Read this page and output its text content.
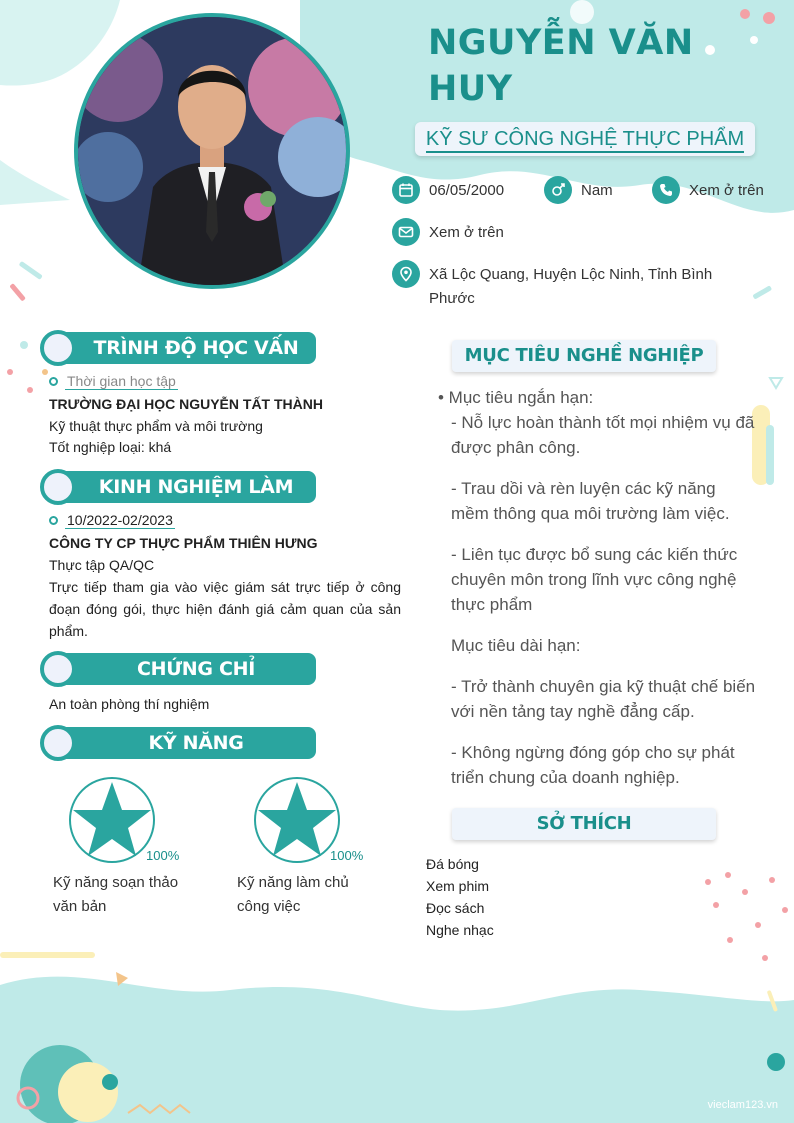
NGUYỄN VĂN HUY
KỸ SƯ CÔNG NGHỆ THỰC PHẨM
06/05/2000	Nam	Xem ở trên
Xem ở trên
Xã Lộc Quang, Huyện Lộc Ninh, Tỉnh Bình Phước
TRÌNH ĐỘ HỌC VẤN
Thời gian học tập
TRƯỜNG ĐẠI HỌC NGUYỄN TẤT THÀNH
Kỹ thuật thực phẩm và môi trường
Tốt nghiệp loại: khá
KINH NGHIỆM LÀM VIỆC
10/2022-02/2023
CÔNG TY CP THỰC PHẨM THIÊN HƯNG
Thực tập QA/QC
Trực tiếp tham gia vào việc giám sát trực tiếp ở công đoạn đóng gói, thực hiện đánh giá cảm quan của sản phẩm.
CHỨNG CHỈ
An toàn phòng thí nghiệm
KỸ NĂNG
100%
Kỹ năng soạn thảo văn bản
100%
Kỹ năng làm chủ công việc
MỤC TIÊU NGHỀ NGHIỆP

• Mục tiêu ngắn hạn:

- Nỗ lực hoàn thành tốt mọi nhiệm vụ đã được phân công.

- Trau dồi và rèn luyện các kỹ năng mềm thông qua môi trường làm việc.

- Liên tục được bổ sung các kiến thức chuyên môn trong lĩnh vực công nghệ thực phẩm

Mục tiêu dài hạn:

- Trở thành chuyên gia kỹ thuật chế biến với nền tảng tay nghề đẳng cấp.

- Không ngừng đóng góp cho sự phát triển chung của doanh nghiệp.

SỞ THÍCH
Đá bóng
Xem phim
Đọc sách
Nghe nhạc
vieclam123.vn
